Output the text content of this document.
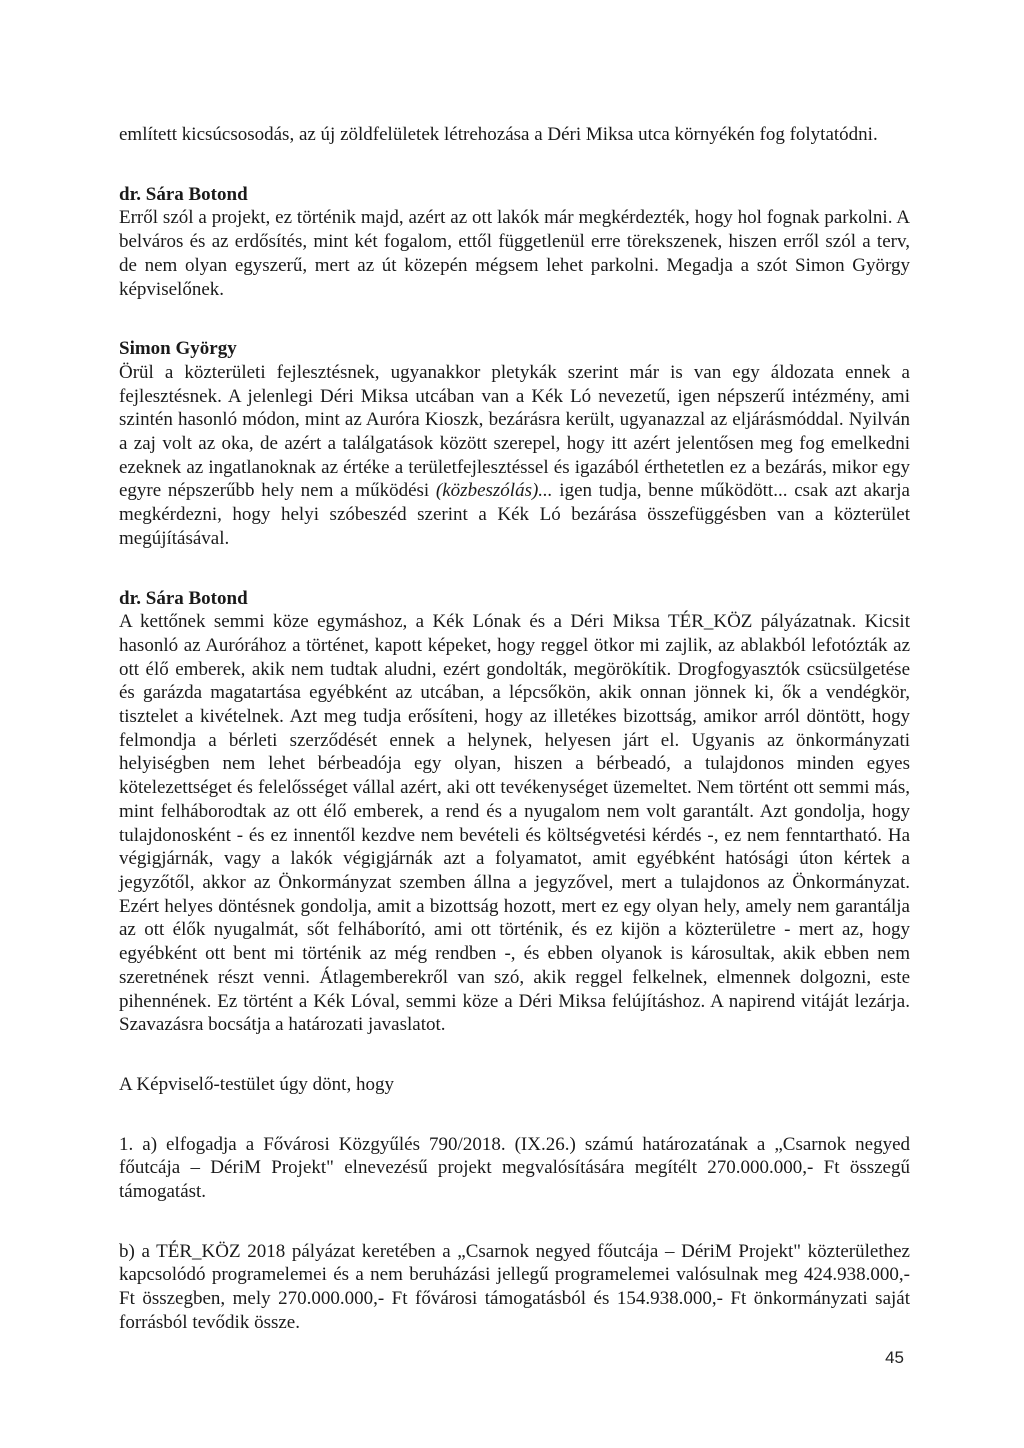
említett kicsúcsosodás, az új zöldfelületek létrehozása a Déri Miksa utca környékén fog folytatódni.

dr. Sára Botond

Erről szól a projekt, ez történik majd, azért az ott lakók már megkérdezték, hogy hol fognak parkolni. A belváros és az erdősítés, mint két fogalom, ettől függetlenül erre törekszenek, hiszen erről szól a terv, de nem olyan egyszerű, mert az út közepén mégsem lehet parkolni. Megadja a szót Simon György képviselőnek.

Simon György

Örül a közterületi fejlesztésnek, ugyanakkor pletykák szerint már is van egy áldozata ennek a fejlesztésnek. A jelenlegi Déri Miksa utcában van a Kék Ló nevezetű, igen népszerű intézmény, ami szintén hasonló módon, mint az Auróra Kioszk, bezárásra került, ugyanazzal az eljárásmóddal. Nyilván a zaj volt az oka, de azért a találgatások között szerepel, hogy itt azért jelentősen meg fog emelkedni ezeknek az ingatlanoknak az értéke a területfejlesztéssel és igazából érthetetlen ez a bezárás, mikor egy egyre népszerűbb hely nem a működési (közbeszólás)... igen tudja, benne működött... csak azt akarja megkérdezni, hogy helyi szóbeszéd szerint a Kék Ló bezárása összefüggésben van a közterület megújításával.

dr. Sára Botond

A kettőnek semmi köze egymáshoz, a Kék Lónak és a Déri Miksa TÉR_KÖZ pályázatnak. Kicsit hasonló az Aurórához a történet, kapott képeket, hogy reggel ötkor mi zajlik, az ablakból lefotózták az ott élő emberek, akik nem tudtak aludni, ezért gondolták, megörökítik. Drogfogyasztók csücsülgetése és garázda magatartása egyébként az utcában, a lépcsőkön, akik onnan jönnek ki, ők a vendégkör, tisztelet a kivételnek. Azt meg tudja erősíteni, hogy az illetékes bizottság, amikor arról döntött, hogy felmondja a bérleti szerződését ennek a helynek, helyesen járt el. Ugyanis az önkormányzati helyiségben nem lehet bérbeadója egy olyan, hiszen a bérbeadó, a tulajdonos minden egyes kötelezettséget és felelősséget vállal azért, aki ott tevékenységet üzemeltet. Nem történt ott semmi más, mint felháborodtak az ott élő emberek, a rend és a nyugalom nem volt garantált. Azt gondolja, hogy tulajdonosként - és ez innentől kezdve nem bevételi és költségvetési kérdés -, ez nem fenntartható. Ha végigjárnák, vagy a lakók végigjárnák azt a folyamatot, amit egyébként hatósági úton kértek a jegyzőtől, akkor az Önkormányzat szemben állna a jegyzővel, mert a tulajdonos az Önkormányzat. Ezért helyes döntésnek gondolja, amit a bizottság hozott, mert ez egy olyan hely, amely nem garantálja az ott élők nyugalmát, sőt felháborító, ami ott történik, és ez kijön a közterületre - mert az, hogy egyébként ott bent mi történik az még rendben -, és ebben olyanok is károsultak, akik ebben nem szeretnének részt venni. Átlagemberekről van szó, akik reggel felkelnek, elmennek dolgozni, este pihennének. Ez történt a Kék Lóval, semmi köze a Déri Miksa felújításhoz. A napirend vitáját lezárja. Szavazásra bocsátja a határozati javaslatot.

A Képviselő-testület úgy dönt, hogy

1. a) elfogadja a Fővárosi Közgyűlés 790/2018. (IX.26.) számú határozatának a „Csarnok negyed főutcája – DériM Projekt" elnevezésű projekt megvalósítására megítélt 270.000.000,- Ft összegű támogatást.

b) a TÉR_KÖZ 2018 pályázat keretében a „Csarnok negyed főutcája – DériM Projekt" közterülethez kapcsolódó programelemei és a nem beruházási jellegű programelemei valósulnak meg 424.938.000,- Ft összegben, mely 270.000.000,- Ft fővárosi támogatásból és 154.938.000,- Ft önkormányzati saját forrásból tevődik össze.

45
